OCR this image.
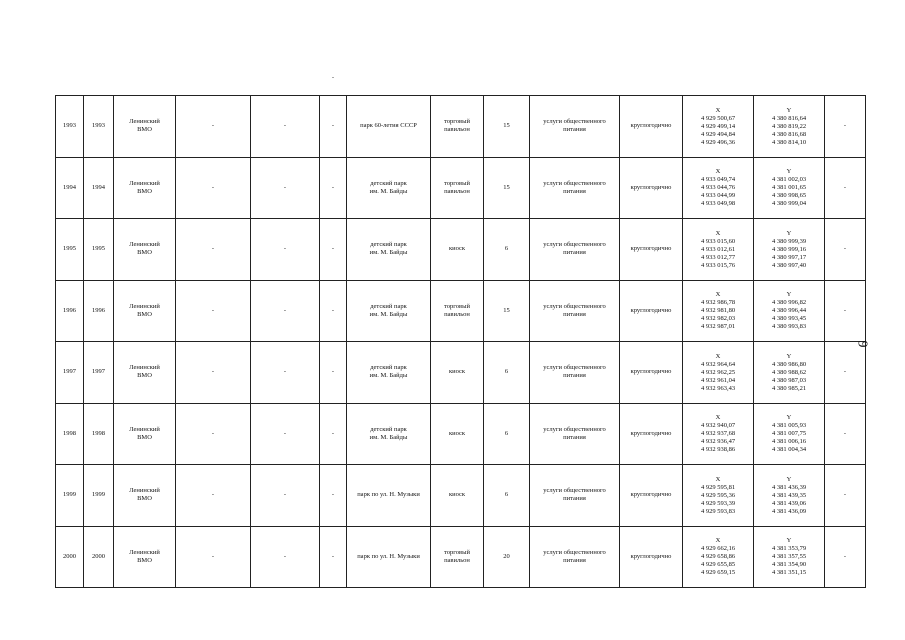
.
1993	1993	Ленинский
ВМО	-	-	-	парк 60-летия СССР	торговый
павильон	15	услуги общественного
питания	круглогодично	X
4 929 500,67
4 929 499,14
4 929 494,84
4 929 496,36	Y
4 380 816,64
4 380 819,22
4 380 816,68
4 380 814,10	-

1994	1994	Ленинский
ВМО	-	-	-	детский парк
им. М. Байды	торговый
павильон	15	услуги общественного
питания	круглогодично	X
4 933 049,74
4 933 044,76
4 933 044,99
4 933 049,98	Y
4 381 002,03
4 381 001,65
4 380 998,65
4 380 999,04	-

1995	1995	Ленинский
ВМО	-	-	-	детский парк
им. М. Байды	киоск	6	услуги общественного
питания	круглогодично	X
4 933 015,60
4 933 012,61
4 933 012,77
4 933 015,76	Y
4 380 999,39
4 380 999,16
4 380 997,17
4 380 997,40	-

1996	1996	Ленинский
ВМО	-	-	-	детский парк
им. М. Байды	торговый
павильон	15	услуги общественного
питания	круглогодично	X
4 932 986,78
4 932 981,80
4 932 982,03
4 932 987,01	Y
4 380 996,82
4 380 996,44
4 380 993,45
4 380 993,83	-

1997	1997	Ленинский
ВМО	-	-	-	детский парк
им. М. Байды	киоск	6	услуги общественного
питания	круглогодично	X
4 932 964,64
4 932 962,25
4 932 961,04
4 932 963,43	Y
4 380 986,80
4 380 988,62
4 380 987,03
4 380 985,21	-

1998	1998	Ленинский
ВМО	-	-	-	детский парк
им. М. Байды	киоск	6	услуги общественного
питания	круглогодично	X
4 932 940,07
4 932 937,68
4 932 936,47
4 932 938,86	Y
4 381 005,93
4 381 007,75
4 381 006,16
4 381 004,34	-

1999	1999	Ленинский
ВМО	-	-	-	парк по ул. Н. Музыки	киоск	6	услуги общественного
питания	круглогодично	X
4 929 595,81
4 929 595,36
4 929 593,39
4 929 593,83	Y
4 381 436,39
4 381 439,35
4 381 439,06
4 381 436,09	-

2000	2000	Ленинский
ВМО	-	-	-	парк по ул. Н. Музыки	торговый
павильон	20	услуги общественного
питания	круглогодично	X
4 929 662,16
4 929 658,86
4 929 655,85
4 929 659,15	Y
4 381 353,79
4 381 357,55
4 381 354,90
4 381 351,15	-
9
